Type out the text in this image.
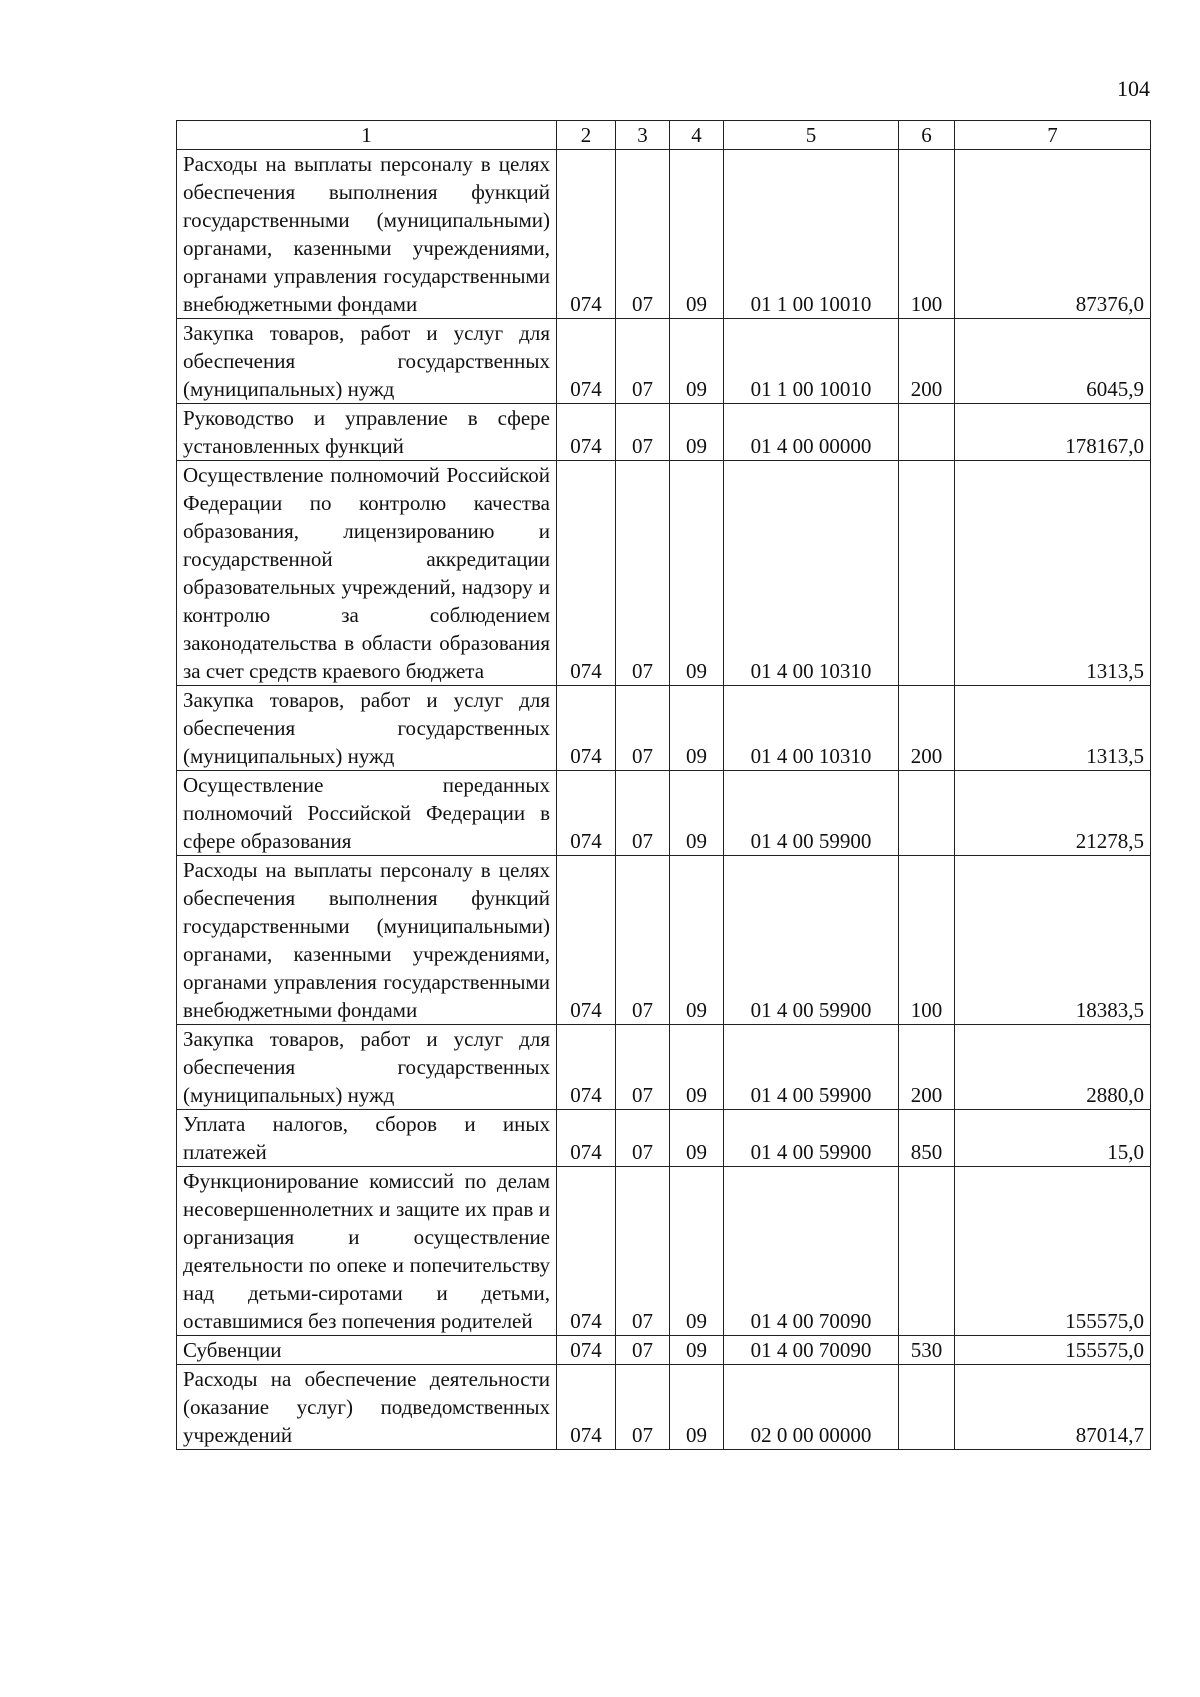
104
1	2	3	4	5	6	7
Расходы на выплаты персоналу в целях обеспечения выполнения функций государственными (муниципальными) органами, казенными учреждениями, органами управления государственными внебюджетными фондами	074	07	09	01 1 00 10010	100	87376,0
Закупка товаров, работ и услуг для обеспечения государственных (муниципальных) нужд	074	07	09	01 1 00 10010	200	6045,9
Руководство и управление в сфере установленных функций	074	07	09	01 4 00 00000		178167,0
Осуществление полномочий Российской Федерации по контролю качества образования, лицензированию и государственной аккредитации образовательных учреждений, надзору и контролю за соблюдением законодательства в области образования за счет средств краевого бюджета	074	07	09	01 4 00 10310		1313,5
Закупка товаров, работ и услуг для обеспечения государственных (муниципальных) нужд	074	07	09	01 4 00 10310	200	1313,5
Осуществление переданных полномочий Российской Федерации в сфере образования	074	07	09	01 4 00 59900		21278,5
Расходы на выплаты персоналу в целях обеспечения выполнения функций государственными (муниципальными) органами, казенными учреждениями, органами управления государственными внебюджетными фондами	074	07	09	01 4 00 59900	100	18383,5
Закупка товаров, работ и услуг для обеспечения государственных (муниципальных) нужд	074	07	09	01 4 00 59900	200	2880,0
Уплата налогов, сборов и иных платежей	074	07	09	01 4 00 59900	850	15,0
Функционирование комиссий по делам несовершеннолетних и защите их прав и организация и осуществление деятельности по опеке и попечительству над детьми-сиротами и детьми, оставшимися без попечения родителей	074	07	09	01 4 00 70090		155575,0
Субвенции	074	07	09	01 4 00 70090	530	155575,0
Расходы на обеспечение деятельности (оказание услуг) подведомственных учреждений	074	07	09	02 0 00 00000		87014,7
